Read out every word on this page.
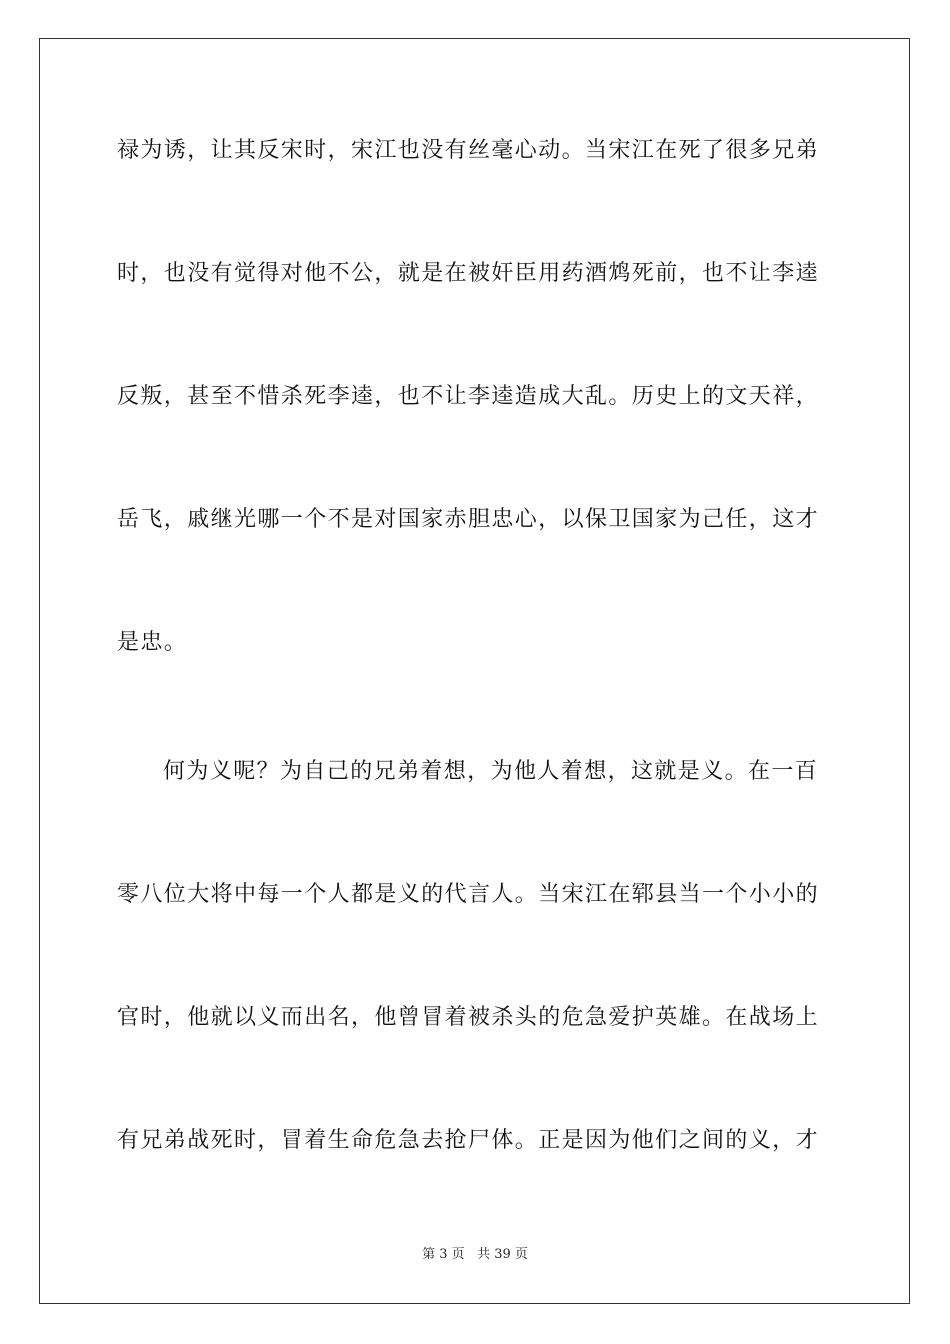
禄为诱，让其反宋时，宋江也没有丝毫心动。当宋江在死了很多兄弟
时，也没有觉得对他不公，就是在被奸臣用药酒鸩死前，也不让李逵
反叛，甚至不惜杀死李逵，也不让李逵造成大乱。历史上的文天祥，
岳飞，戚继光哪一个不是对国家赤胆忠心，以保卫国家为己任，这才
是忠。
何为义呢？为自己的兄弟着想，为他人着想，这就是义。在一百
零八位大将中每一个人都是义的代言人。当宋江在郓县当一个小小的
官时，他就以义而出名，他曾冒着被杀头的危急爱护英雄。在战场上
有兄弟战死时，冒着生命危急去抢尸体。正是因为他们之间的义，才
第 3 页 共 39 页
